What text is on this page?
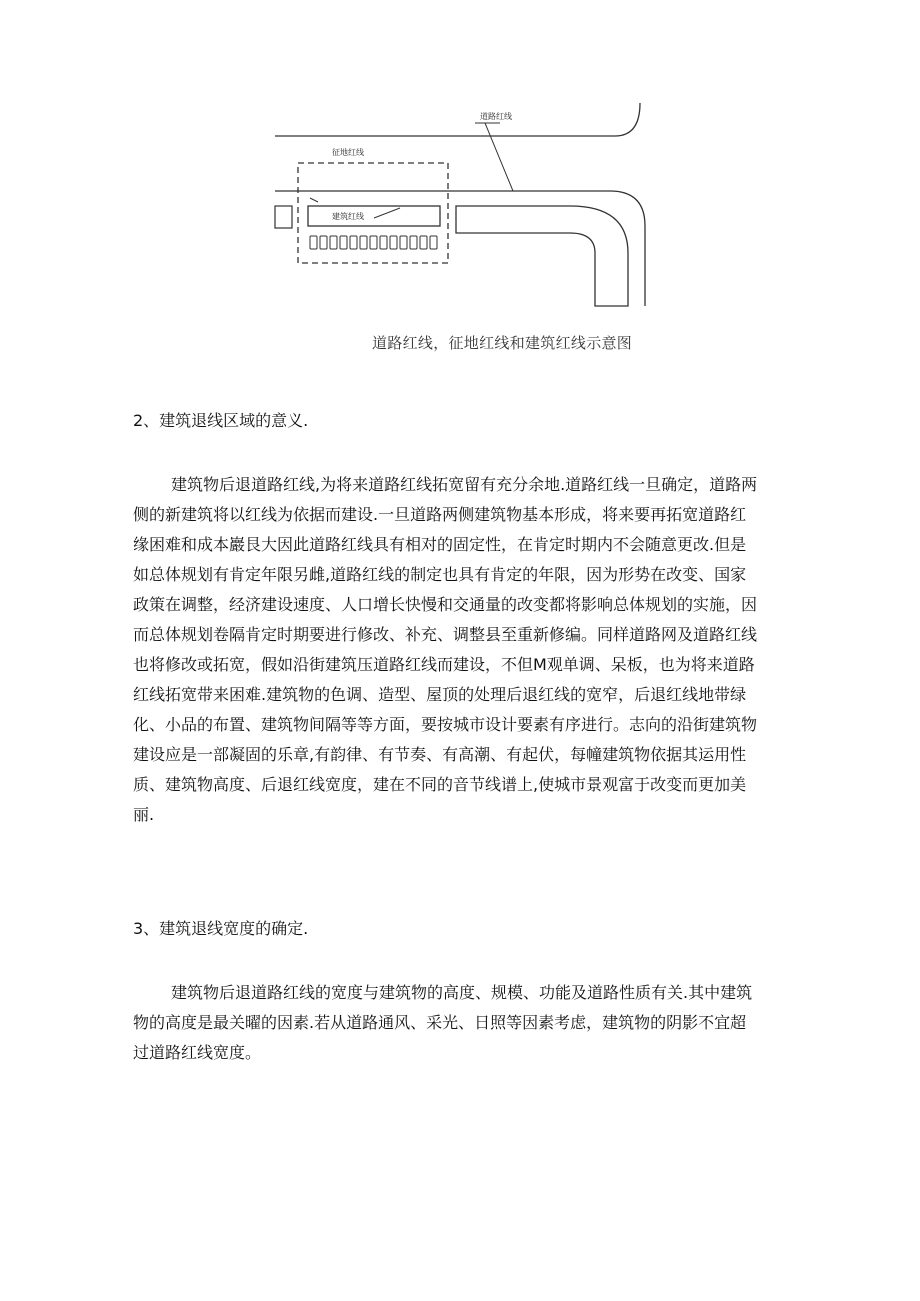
道路红线
征地红线
建筑红线
道路红线，征地红线和建筑红线示意图
2、建筑退线区域的意义.
建筑物后退道路红线,为将来道路红线拓宽留有充分余地.道路红线一旦确定，道路两
侧的新建筑将以红线为依据而建设.一旦道路两侧建筑物基本形成，将来要再拓宽道路红
缘困难和成本巖艮大因此道路红线具有相对的固定性，在肯定时期内不会随意更改.但是
如总体规划有肯定年限另雌,道路红线的制定也具有肯定的年限，因为形势在改变、国家
政策在调整，经济建设速度、人口增长快慢和交通量的改变都将影响总体规划的实施，因
而总体规划卷隔肯定时期要进行修改、补充、调整县至重新修编。同样道路网及道路红线
也将修改或拓宽，假如沿街建筑压道路红线而建设，不但M观单调、呆板，也为将来道路
红线拓宽带来困难.建筑物的色调、造型、屋顶的处理后退红线的宽窄，后退红线地带绿
化、小品的布置、建筑物间隔等等方面，要按城市设计要素有序进行。志向的沿街建筑物
建设应是一部凝固的乐章,有韵律、有节奏、有高潮、有起伏，每幢建筑物依据其运用性
质、建筑物高度、后退红线宽度，建在不同的音节线谱上,使城市景观富于改变而更加美
丽.
3、建筑退线宽度的确定.
建筑物后退道路红线的宽度与建筑物的高度、规模、功能及道路性质有关.其中建筑
物的高度是最关曜的因素.若从道路通风、采光、日照等因素考虑，建筑物的阴影不宜超
过道路红线宽度。
